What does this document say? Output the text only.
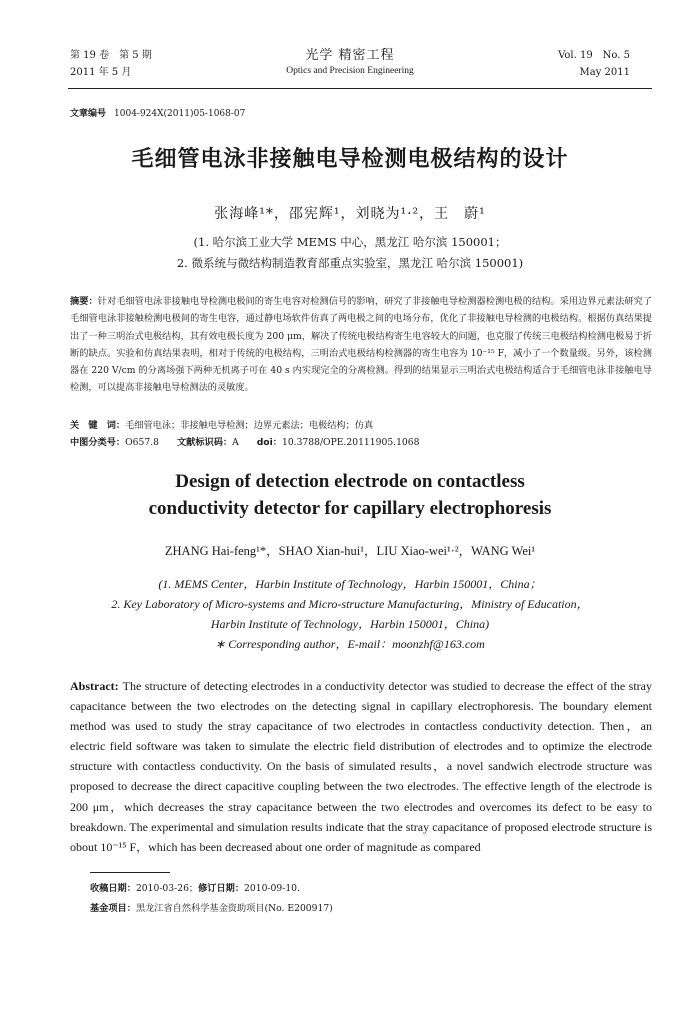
第 19 卷　第 5 期
2011 年 5 月
光学 精密工程
Optics and Precision Engineering
Vol. 19　No. 5
May 2011
文章编号 1004-924X(2011)05-1068-07
毛细管电泳非接触电导检测电极结构的设计
张海峰¹*，邵宪辉¹，刘晓为¹·²，王　蔚¹
(1. 哈尔滨工业大学 MEMS 中心，黑龙江 哈尔滨 150001；
2. 微系统与微结构制造教育部重点实验室，黑龙江 哈尔滨 150001)
摘要：针对毛细管电泳非接触电导检测电极间的寄生电容对检测信号的影响，研究了非接触电导检测器检测电极的结构。采用边界元素法研究了毛细管电泳非接触检测电极间的寄生电容，通过静电场软件仿真了两电极之间的电场分布，优化了非接触电导检测的电极结构。根据仿真结果提出了一种三明治式电极结构，其有效电极长度为 200 μm，解决了传统电极结构寄生电容较大的问题，也克服了传统三电极结构检测电极易于折断的缺点。实验和仿真结果表明，相对于传统的电极结构，三明治式电极结构检测器的寄生电容为 10⁻¹⁵ F，减小了一个数量级。另外，该检测器在 220 V/cm 的分离场强下两种无机离子可在 40 s 内实现完全的分离检测。得到的结果显示三明治式电极结构适合于毛细管电泳非接触电导检测，可以提高非接触电导检测法的灵敏度。
关　键　词：毛细管电泳；非接触电导检测；边界元素法；电极结构；仿真
中图分类号：O657.8 文献标识码：A doi：10.3788/OPE.20111905.1068
Design of detection electrode on contactless
conductivity detector for capillary electrophoresis
ZHANG Hai-feng¹*，SHAO Xian-hui¹，LIU Xiao-wei¹·²，WANG Wei¹
(1. MEMS Center，Harbin Institute of Technology，Harbin 150001，China；
2. Key Laboratory of Micro-systems and Micro-structure Manufacturing，Ministry of Education，
Harbin Institute of Technology，Harbin 150001，China)
∗ Corresponding author，E-mail：moonzhf@163.com
Abstract: The structure of detecting electrodes in a conductivity detector was studied to decrease the effect of the stray capacitance between the two electrodes on the detecting signal in capillary electrophoresis. The boundary element method was used to study the stray capacitance of two electrodes in contactless conductivity detection. Then，an electric field software was taken to simulate the electric field distribution of electrodes and to optimize the electrode structure with contactless conductivity. On the basis of simulated results，a novel sandwich electrode structure was proposed to decrease the direct capacitive coupling between the two electrodes. The effective length of the electrode is 200 μm，which decreases the stray capacitance between the two electrodes and overcomes its defect to be easy to breakdown. The experimental and simulation results indicate that the stray capacitance of proposed electrode structure is obout 10⁻¹⁵ F，which has been decreased about one order of magnitude as compared
收稿日期：2010-03-26；修订日期：2010-09-10.
基金项目：黑龙江省自然科学基金资助项目(No. E200917)
